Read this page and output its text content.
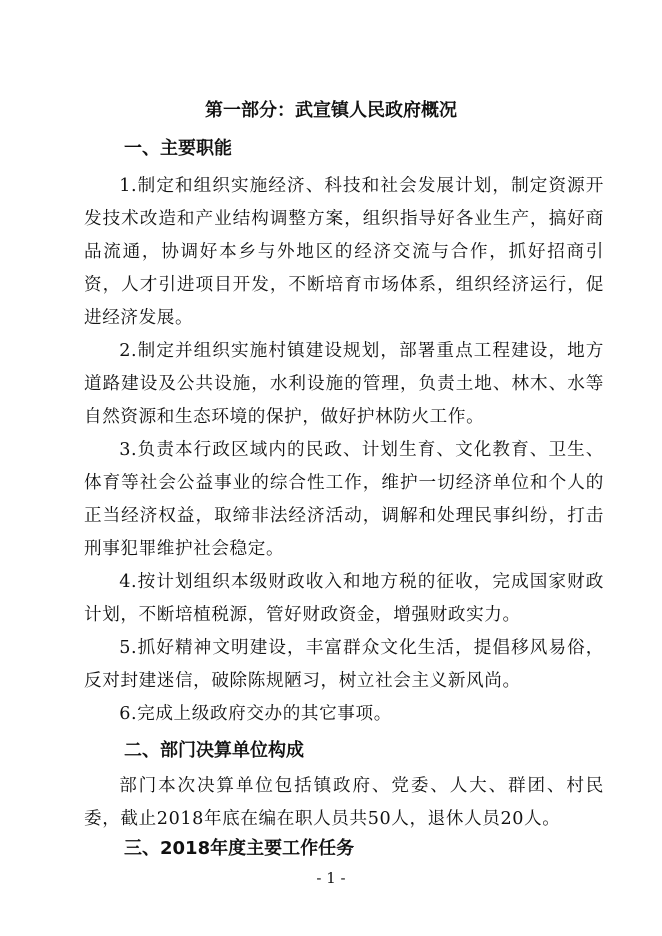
第一部分：武宣镇人民政府概况
一、主要职能

1.制定和组织实施经济、科技和社会发展计划，制定资源开发技术改造和产业结构调整方案，组织指导好各业生产，搞好商品流通，协调好本乡与外地区的经济交流与合作，抓好招商引资，人才引进项目开发，不断培育市场体系，组织经济运行，促进经济发展。

2.制定并组织实施村镇建设规划，部署重点工程建设，地方道路建设及公共设施，水利设施的管理，负责土地、林木、水等自然资源和生态环境的保护，做好护林防火工作。

3.负责本行政区域内的民政、计划生育、文化教育、卫生、体育等社会公益事业的综合性工作，维护一切经济单位和个人的正当经济权益，取缔非法经济活动，调解和处理民事纠纷，打击刑事犯罪维护社会稳定。

4.按计划组织本级财政收入和地方税的征收，完成国家财政计划，不断培植税源，管好财政资金，增强财政实力。

5.抓好精神文明建设，丰富群众文化生活，提倡移风易俗，反对封建迷信，破除陈规陋习，树立社会主义新风尚。

6.完成上级政府交办的其它事项。

二、部门决算单位构成

部门本次决算单位包括镇政府、党委、人大、群团、村民委，截止2018年底在编在职人员共50人，退休人员20人。

三、2018年度主要工作任务
- 1 -
